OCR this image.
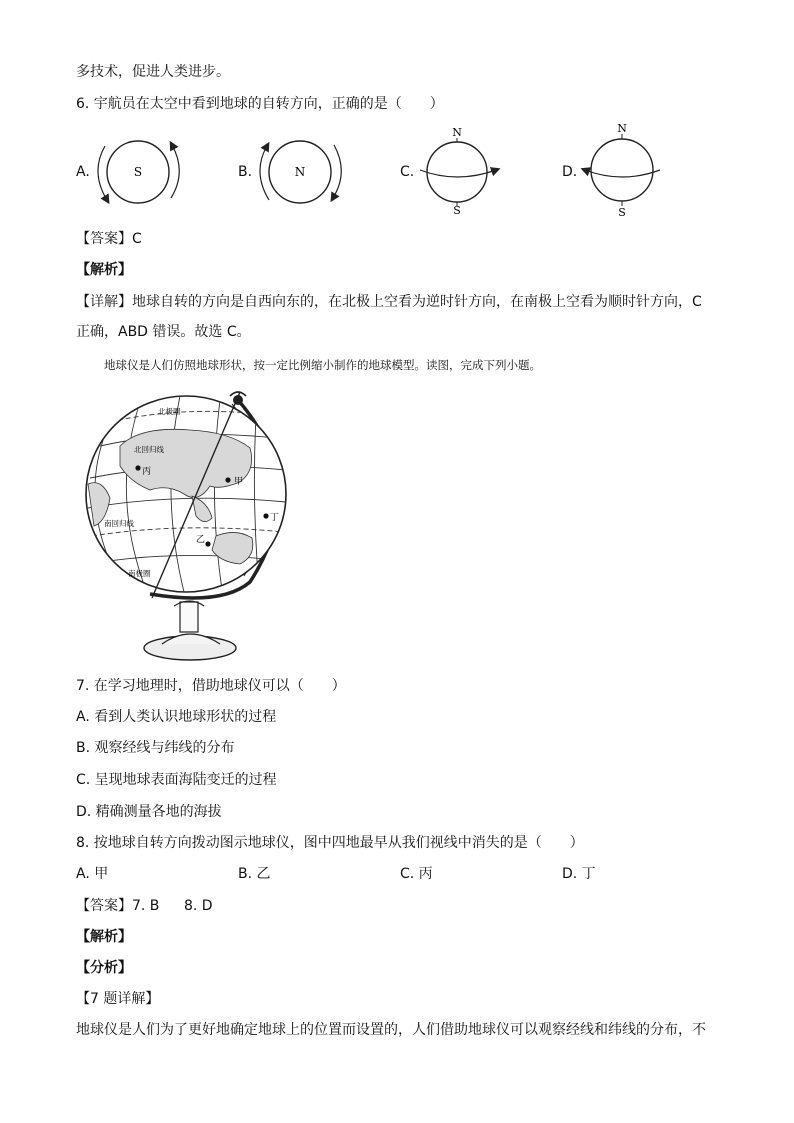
多技术，促进人类进步。
6. 宇航员在太空中看到地球的自转方向，正确的是（　　）
A.	S	B.	N	C.
N
S
D.
N
S
【答案】C
【解析】
【详解】地球自转的方向是自西向东的，在北极上空看为逆时针方向，在南极上空看为顺时针方向，C
正确，ABD 错误。故选 C。
地球仪是人们仿照地球形状，按一定比例缩小制作的地球模型。读图，完成下列小题。
北回归线
南回归线
北极圈
南极圈
甲
乙
丙
丁
7. 在学习地理时，借助地球仪可以（　　）
A. 看到人类认识地球形状的过程
B. 观察经线与纬线的分布
C. 呈现地球表面海陆变迁的过程
D. 精确测量各地的海拔
8. 按地球自转方向拨动图示地球仪，图中四地最早从我们视线中消失的是（　　）
A. 甲	B. 乙	C. 丙	D. 丁
【答案】 7. B 8. D
【解析】
【分析】
【7 题详解】
地球仪是人们为了更好地确定地球上的位置而设置的，人们借助地球仪可以观察经线和纬线的分布，不
